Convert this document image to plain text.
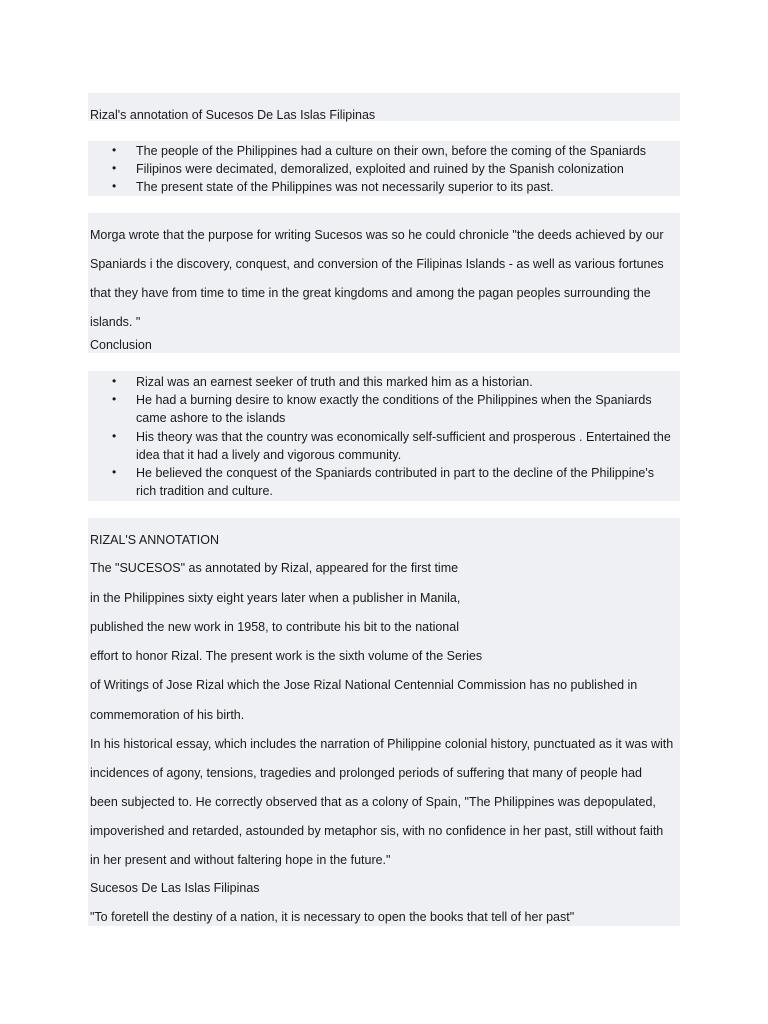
Rizal's annotation of Sucesos De Las Islas Filipinas
• The people of the Philippines had a culture on their own, before the coming of the Spaniards
• Filipinos were decimated, demoralized, exploited and ruined by the Spanish colonization
• The present state of the Philippines was not necessarily superior to its past.
Morga wrote that the purpose for writing Sucesos was so he could chronicle "the deeds achieved by our
Spaniards i the discovery, conquest, and conversion of the Filipinas Islands - as well as various fortunes
that they have from time to time in the great kingdoms and among the pagan peoples surrounding the
islands. "
Conclusion
• Rizal was an earnest seeker of truth and this marked him as a historian.
• He had a burning desire to know exactly the conditions of the Philippines when the Spaniards came ashore to the islands
• His theory was that the country was economically self-sufficient and prosperous . Entertained the idea that it had a lively and vigorous community.
• He believed the conquest of the Spaniards contributed in part to the decline of the Philippine's rich tradition and culture.
RIZAL'S ANNOTATION
The "SUCESOS" as annotated by Rizal, appeared for the first time
in the Philippines sixty eight years later when a publisher in Manila,
published the new work in 1958, to contribute his bit to the national
effort to honor Rizal. The present work is the sixth volume of the Series
of Writings of Jose Rizal which the Jose Rizal National Centennial Commission has no published in
commemoration of his birth.
In his historical essay, which includes the narration of Philippine colonial history, punctuated as it was with
incidences of agony, tensions, tragedies and prolonged periods of suffering that many of people had
been subjected to. He correctly observed that as a colony of Spain, "The Philippines was depopulated,
impoverished and retarded, astounded by metaphor sis, with no confidence in her past, still without faith
in her present and without faltering hope in the future."
Sucesos De Las Islas Filipinas
"To foretell the destiny of a nation, it is necessary to open the books that tell of her past"
